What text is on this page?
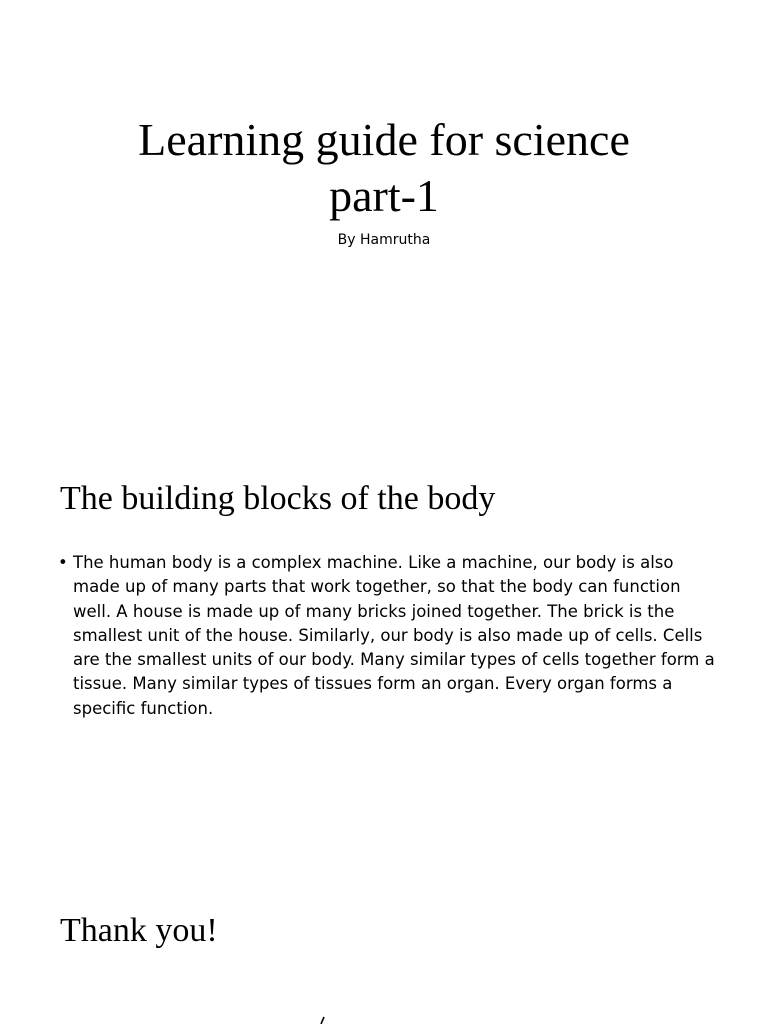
Learning guide for science
part-1
By Hamrutha
The building blocks of the body
• The human body is a complex machine. Like a machine, our body is also made up of many parts that work together, so that the body can function well. A house is made up of many bricks joined together. The brick is the smallest unit of the house. Similarly, our body is also made up of cells. Cells are the smallest units of our body. Many similar types of cells together form a tissue. Many similar types of tissues form an organ. Every organ forms a specific function.
Thank you!
